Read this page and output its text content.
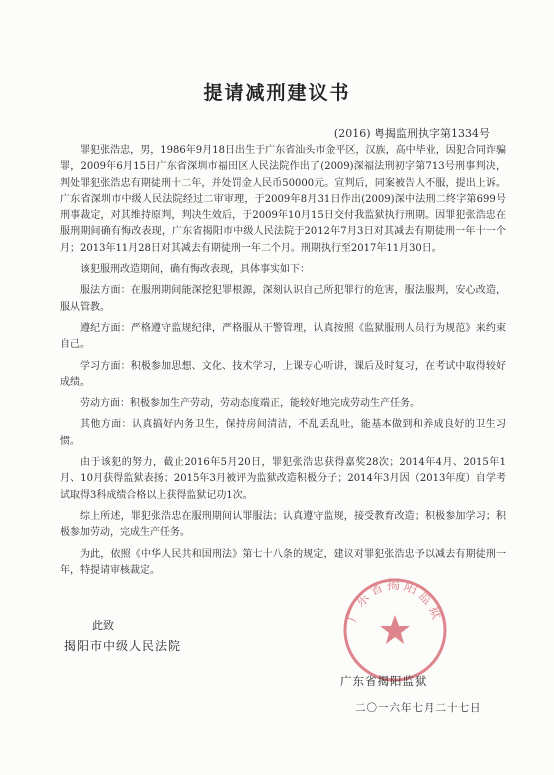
提请减刑建议书
(2016) 粤揭监刑执字第1334号

罪犯张浩忠，男，1986年9月18日出生于广东省汕头市金平区，汉族，高中毕业，因犯合同诈骗罪，2009年6月15日广东省深圳市福田区人民法院作出了(2009)深福法刑初字第713号刑事判决，判处罪犯张浩忠有期徒刑十二年，并处罚金人民币50000元。宣判后，同案被告人不服，提出上诉。广东省深圳市中级人民法院经过二审审理，于2009年8月31日作出(2009)深中法刑二终字第699号刑事裁定，对其维持原判，判决生效后，于2009年10月15日交付我监狱执行刑期。因罪犯张浩忠在服刑期间确有悔改表现，广东省揭阳市中级人民法院于2012年7月3日对其减去有期徒刑一年十一个月；2013年11月28日对其减去有期徒刑一年二个月。刑期执行至2017年11月30日。

该犯服刑改造期间，确有悔改表现，具体事实如下：

服法方面：在服刑期间能深挖犯罪根源，深刻认识自己所犯罪行的危害，服法服判，安心改造，服从管教。

遵纪方面：严格遵守监规纪律，严格服从干警管理，认真按照《监狱服刑人员行为规范》来约束自己。

学习方面：积极参加思想、文化、技术学习，上课专心听讲，课后及时复习，在考试中取得较好成绩。

劳动方面：积极参加生产劳动，劳动态度端正，能较好地完成劳动生产任务。

其他方面：认真搞好内务卫生，保持房间清洁，不乱丢乱吐，能基本做到和养成良好的卫生习惯。

由于该犯的努力，截止2016年5月20日，罪犯张浩忠获得嘉奖28次；2014年4月、2015年1月、10月获得监狱表扬；2015年3月被评为监狱改造积极分子；2014年3月因（2013年度）自学考试取得3科成绩合格以上获得监狱记功1次。

综上所述，罪犯张浩忠在服刑期间认罪服法；认真遵守监规，接受教育改造；积极参加学习；积极参加劳动，完成生产任务。

为此，依照《中华人民共和国刑法》第七十八条的规定，建议对罪犯张浩忠予以减去有期徒刑一年，特提请审核裁定。

此致
揭阳市中级人民法院
广东省揭阳监狱
广东省揭阳监狱
二〇一六年七月二十七日
